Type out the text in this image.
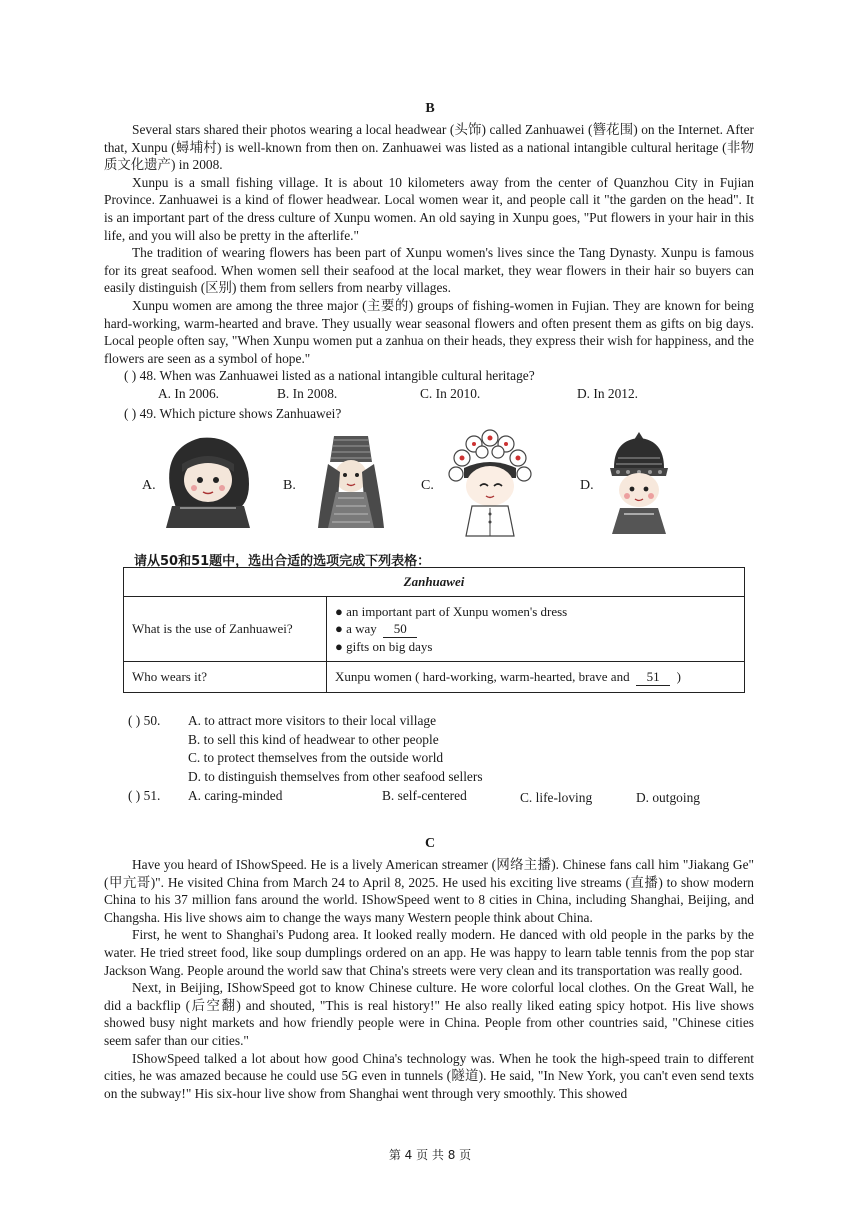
B

Several stars shared their photos wearing a local headwear (头饰) called Zanhuawei (簪花围) on the Internet. After that, Xunpu (蟳埔村) is well-known from then on. Zanhuawei was listed as a national intangible cultural heritage (非物质文化遗产) in 2008.

Xunpu is a small fishing village. It is about 10 kilometers away from the center of Quanzhou City in Fujian Province. Zanhuawei is a kind of flower headwear. Local women wear it, and people call it "the garden on the head". It is an important part of the dress culture of Xunpu women. An old saying in Xunpu goes, "Put flowers in your hair in this life, and you will also be pretty in the afterlife."

The tradition of wearing flowers has been part of Xunpu women's lives since the Tang Dynasty. Xunpu is famous for its great seafood. When women sell their seafood at the local market, they wear flowers in their hair so buyers can easily distinguish (区别) them from sellers from nearby villages.

Xunpu women are among the three major (主要的) groups of fishing-women in Fujian. They are known for being hard-working, warm-hearted and brave. They usually wear seasonal flowers and often present them as gifts on big days. Local people often say, "When Xunpu women put a zanhua on their heads, they express their wish for happiness, and the flowers are seen as a symbol of hope."

( ) 48. When was Zanhuawei listed as a national intangible cultural heritage?
A. In 2006.	B. In 2008.	C. In 2010.	D. In 2012.
( ) 49. Which picture shows Zanhuawei?
A.	B.	C.	D.
请从50和51题中，选出合适的选项完成下列表格：
Zanhuawei	
What is the use of Zanhuawei?	● an important part of Xunpu women's dress
● a way 50
● gifts on big days

Who wears it?	Xunpu women ( hard-working, warm-hearted, brave and 51 )
( ) 50. A. to attract more visitors to their local village
B. to sell this kind of headwear to other people
C. to protect themselves from the outside world
D. to distinguish themselves from other seafood sellers
( ) 51. A. caring-minded	B. self-centered	C. life-loving	D. outgoing
C

Have you heard of IShowSpeed. He is a lively American streamer (网络主播). Chinese fans call him "Jiakang Ge"(甲亢哥)". He visited China from March 24 to April 8, 2025. He used his exciting live streams (直播) to show modern China to his 37 million fans around the world. IShowSpeed went to 8 cities in China, including Shanghai, Beijing, and Changsha. His live shows aim to change the ways many Western people think about China.

First, he went to Shanghai's Pudong area. It looked really modern. He danced with old people in the parks by the water. He tried street food, like soup dumplings ordered on an app. He was happy to learn table tennis from the pop star Jackson Wang. People around the world saw that China's streets were very clean and its transportation was really good.

Next, in Beijing, IShowSpeed got to know Chinese culture. He wore colorful local clothes. On the Great Wall, he did a backflip (后空翻) and shouted, "This is real history!" He also really liked eating spicy hotpot. His live shows showed busy night markets and how friendly people were in China. People from other countries said, "Chinese cities seem safer than our cities."

IShowSpeed talked a lot about how good China's technology was. When he took the high-speed train to different cities, he was amazed because he could use 5G even in tunnels (隧道). He said, "In New York, you can't even send texts on the subway!" His six-hour live show from Shanghai went through very smoothly. This showed

第 4 页 共 8 页
